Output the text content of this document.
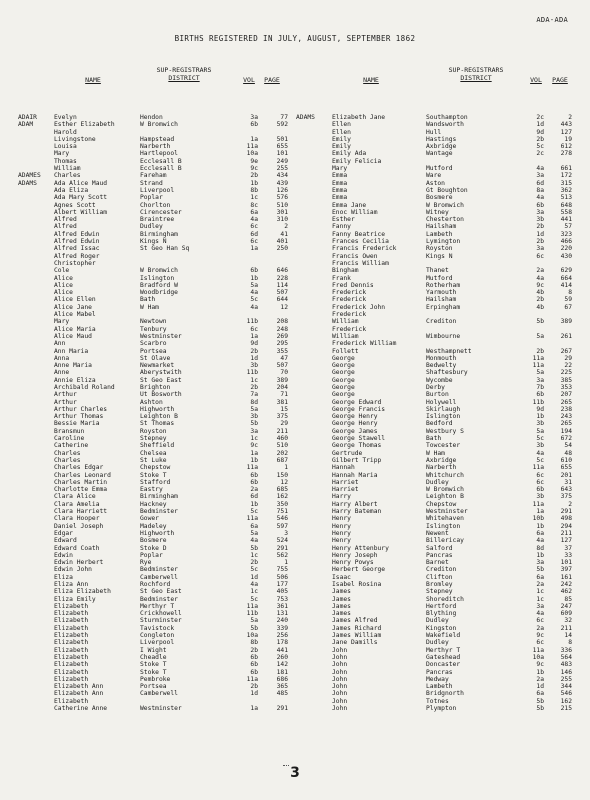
ADA-ADA
BIRTHS REGISTERED IN JULY, AUGUST, SEPTEMBER 1862
NAME
SUP-REGISTRARS
DISTRICT	VOL	PAGE	NAME
SUP-REGISTRARS
DISTRICT	VOL	PAGE
ADAIR	Evelyn	Hendon	3a	77
ADAM	Esther Elizabeth	W Bromwich	6b	592
Harold
Livingstone	Hampstead	1a	501
Louisa	Narberth	11a	655
Mary	Hartlepool	10a	101
Thomas	Ecclesall B	9e	249
William	Ecclesall B	9c	255
ADAMES	Charles	Fareham	2b	434
ADAMS	Ada Alice Maud	Strand	1b	439
Ada Eliza	Liverpool	8b	126
Ada Mary Scott	Poplar	1c	576
Agnes Scott	Chorlton	8c	510
Albert William	Cirencester	6a	301
Alfred	Braintree	4a	310
Alfred	Dudley	6c	2
Alfred Edwin	Birmingham	6d	41
Alfred Edwin	Kings N	6c	401
Alfred Issac	St Geo Han Sq	1a	250
Alfred Roger
Christopher
Cole	W Bromwich	6b	646
Alice	Islington	1b	228
Alice	Bradford W	5a	114
Alice	Woodbridge	4a	507
Alice Ellen	Bath	5c	644
Alice Jane	W Ham	4a	12
Alice Mabel
Mary	Newtown	11b	208
Alice Maria	Tenbury	6c	248
Alice Maud	Westminster	1a	269
Ann	Scarbro	9d	295
Ann Maria	Portsea	2b	355
Anna	St Olave	1d	47
Anne Maria	Newmarket	3b	507
Anne	Aberystwith	11b	70
Annie Eliza	St Geo East	1c	389
Archibald Roland	Brighton	2b	204
Arthur	Ut Bosworth	7a	71
Arthur	Ashton	8d	381
Arthur Charles	Highworth	5a	15
Arthur Thomas	Leighton B	3b	375
Bessie Maria	St Thomas	5b	29
Bransmun	Royston	3a	211
Caroline	Stepney	1c	460
Catherine	Sheffield	9c	510
Charles	Chelsea	1a	202
Charles	St Luke	1b	687
Charles Edgar	Chepstow	11a	1
Charles Leonard	Stoke T	6b	150
Charles Martin	Stafford	6b	12
Charlotte Emma	Eastry	2a	685
Clara Alice	Birmingham	6d	162
Clara Amelia	Hackney	1b	350
Clara Harriett	Bedminster	5c	751
Clara Hooper	Gower	11a	546
Daniel Joseph	Madeley	6a	597
Edgar	Highworth	5a	3
Edward	Bosmere	4a	524
Edward Coath	Stoke D	5b	291
Edwin	Poplar	1c	562
Edwin Herbert	Rye	2b	1
Edwin John	Bedminster	5c	755
Eliza	Camberwell	1d	506
Eliza Ann	Rochford	4a	177
Eliza Elizabeth	St Geo East	1c	405
Eliza Emily	Bedminster	5c	753
Elizabeth	Merthyr T	11a	361
Elizabeth	Crickhowell	11b	131
Elizabeth	Sturminster	5a	240
Elizabeth	Tavistock	5b	339
Elizabeth	Congleton	10a	256
Elizabeth	Liverpool	8b	178
Elizabeth	I Wight	2b	441
Elizabeth	Cheadle	6b	260
Elizabeth	Stoke T	6b	142
Elizabeth	Stoke T	6b	181
Elizabeth	Pembroke	11a	686
Elizabeth Ann	Portsea	2b	365
Elizabeth Ann	Camberwell	1d	485
Elizabeth
Catherine Anne	Westminster	1a	291
ADAMS	Elizabeth Jane	Southampton	2c	2
Ellen	Wandsworth	1d	443
Ellen	Hull	9d	127
Emily	Hastings	2b	19
Emily	Axbridge	5c	612
Emily Ada	Wantage	2c	278
Emily Felicia
Mary	Mutford	4a	661
Emma	Ware	3a	172
Emma	Aston	6d	315
Emma	Gt Boughton	8a	362
Emma	Bosmere	4a	513
Emma Jane	W Bromwich	6b	648
Enoc William	Witney	3a	558
Esther	Chesterton	3b	441
Fanny	Hailsham	2b	57
Fanny Beatrice	Lambeth	1d	323
Frances Cecilia	Lymington	2b	466
Francis Frederick	Royston	3a	220
Francis Owen	Kings N	6c	430
Francis William
Bingham	Thanet	2a	629
Frank	Mutford	4a	664
Fred Dennis	Rotherham	9c	414
Frederick	Yarmouth	4b	8
Frederick	Hailsham	2b	59
Frederick John	Erpingham	4b	67
Frederick
William	Crediton	5b	389
Frederick
William	Wimbourne	5a	261
Frederick William
Follett	Westhampnett	2b	267
George	Monmouth	11a	29
George	Bedwelty	11a	22
George	Shaftesbury	5a	225
George	Wycombe	3a	385
George	Derby	7b	353
George	Burton	6b	207
George Edward	Holywell	11b	265
George Francis	Skirlaugh	9d	238
George Henry	Islington	1b	243
George Henry	Bedford	3b	265
George James	Westbury S	5a	194
George Stawell	Bath	5c	672
George Thomas	Towcester	3b	54
Gertrude	W Ham	4a	48
Gilbert Tripp	Axbridge	5c	610
Hannah	Narberth	11a	655
Hannah Maria	Whitchurch	6c	201
Harriet	Dudley	6c	31
Harriet	W Bromwich	6b	643
Harry	Leighton B	3b	375
Harry Albert	Chepstow	11a	2
Harry Bateman	Westminster	1a	291
Henry	Whitehaven	10b	498
Henry	Islington	1b	294
Henry	Newent	6a	211
Henry	Billericay	4a	127
Henry Attenbury	Salford	8d	37
Henry Joseph	Pancras	1b	33
Henry Powys	Barnet	3a	101
Herbert George	Crediton	5b	397
Isaac	Clifton	6a	161
Isabel Rosina	Bromley	2a	242
James	Stepney	1c	462
James	Shoreditch	1c	85
James	Hertford	3a	247
James	Blything	4a	609
James Alfred	Dudley	6c	32
James Richard	Kingston	2a	211
James William	Wakefield	9c	14
Jane Damills	Dudley	6c	8
John	Merthyr T	11a	336
John	Gateshead	10a	564
John	Doncaster	9c	483
John	Pancras	1b	146
John	Medway	2a	255
John	Lambeth	1d	344
John	Bridgnorth	6a	546
John	Totnes	5b	162
John	Plympton	5b	215
3
